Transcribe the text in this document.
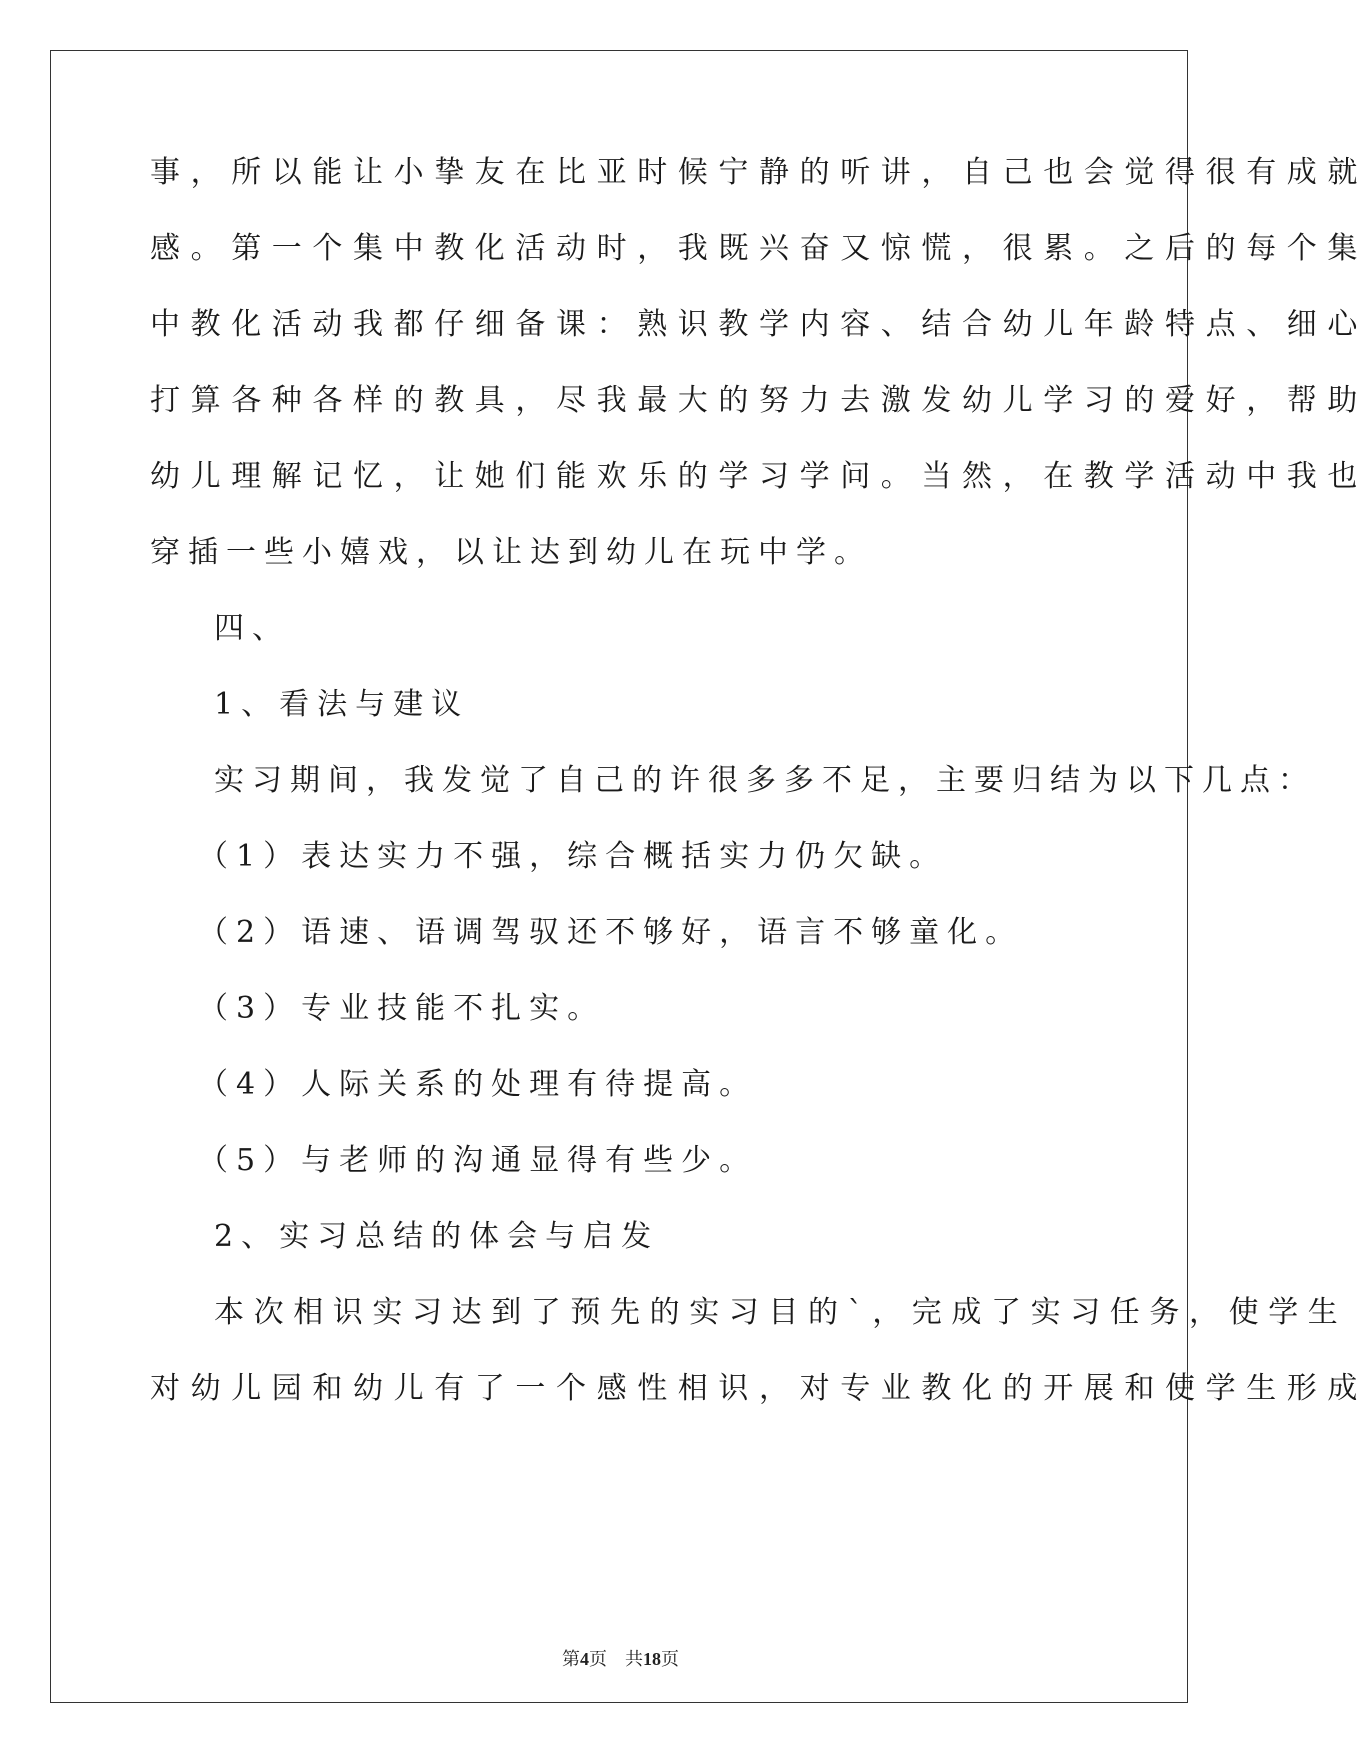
事，所以能让小挚友在比亚时候宁静的听讲，自己也会觉得很有成就
感。第一个集中教化活动时，我既兴奋又惊慌，很累。之后的每个集
中教化活动我都仔细备课：熟识教学内容、结合幼儿年龄特点、细心
打算各种各样的教具，尽我最大的努力去激发幼儿学习的爱好，帮助
幼儿理解记忆，让她们能欢乐的学习学问。当然，在教学活动中我也
穿插一些小嬉戏，以让达到幼儿在玩中学。
四、
1、看法与建议
实习期间，我发觉了自己的许很多多不足，主要归结为以下几点：
（1）表达实力不强，综合概括实力仍欠缺。
（2）语速、语调驾驭还不够好，语言不够童化。
（3）专业技能不扎实。
（4）人际关系的处理有待提高。
（5）与老师的沟通显得有些少。
2、实习总结的体会与启发
本次相识实习达到了预先的实习目的`，完成了实习任务，使学生
对幼儿园和幼儿有了一个感性相识，对专业教化的开展和使学生形成
第4页　共18页
